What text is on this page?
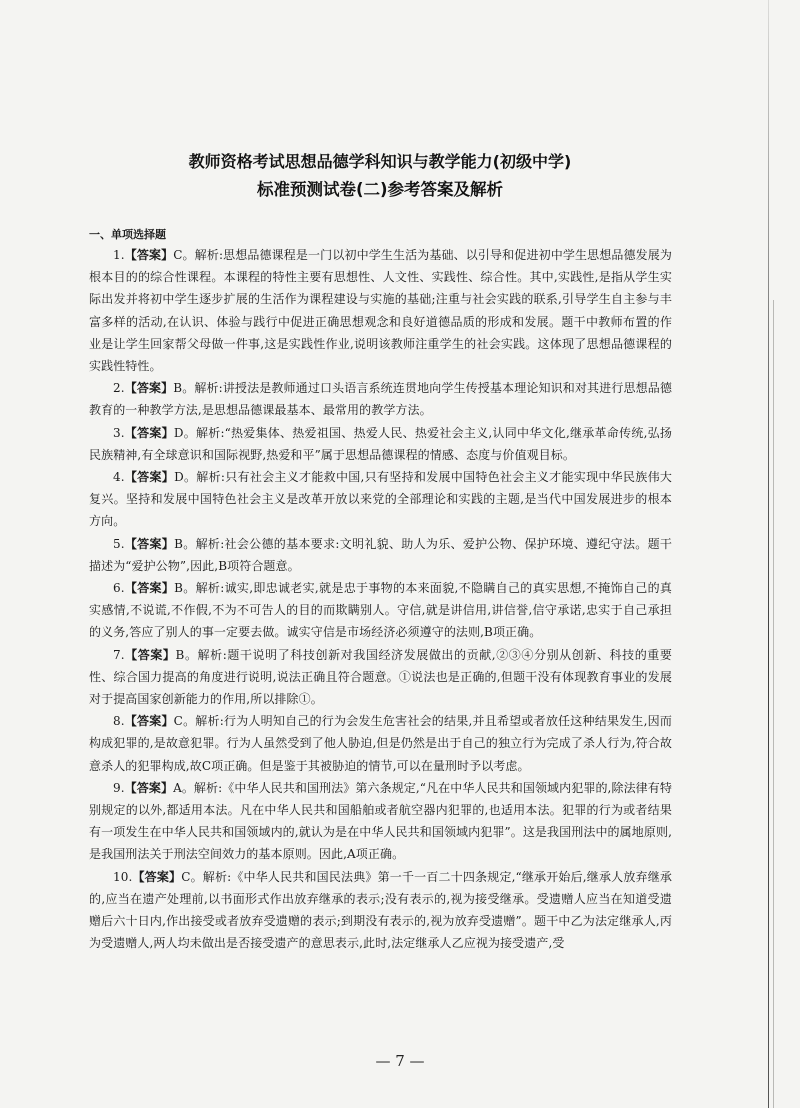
教师资格考试思想品德学科知识与教学能力(初级中学)
标准预测试卷(二)参考答案及解析
一、单项选择题

1.【答案】C。解析:思想品德课程是一门以初中学生生活为基础、以引导和促进初中学生思想品德发展为根本目的的综合性课程。本课程的特性主要有思想性、人文性、实践性、综合性。其中,实践性,是指从学生实际出发并将初中学生逐步扩展的生活作为课程建设与实施的基础;注重与社会实践的联系,引导学生自主参与丰富多样的活动,在认识、体验与践行中促进正确思想观念和良好道德品质的形成和发展。题干中教师布置的作业是让学生回家帮父母做一件事,这是实践性作业,说明该教师注重学生的社会实践。这体现了思想品德课程的实践性特性。

2.【答案】B。解析:讲授法是教师通过口头语言系统连贯地向学生传授基本理论知识和对其进行思想品德教育的一种教学方法,是思想品德课最基本、最常用的教学方法。

3.【答案】D。解析:“热爱集体、热爱祖国、热爱人民、热爱社会主义,认同中华文化,继承革命传统,弘扬民族精神,有全球意识和国际视野,热爱和平”属于思想品德课程的情感、态度与价值观目标。

4.【答案】D。解析:只有社会主义才能救中国,只有坚持和发展中国特色社会主义才能实现中华民族伟大复兴。坚持和发展中国特色社会主义是改革开放以来党的全部理论和实践的主题,是当代中国发展进步的根本方向。

5.【答案】B。解析:社会公德的基本要求:文明礼貌、助人为乐、爱护公物、保护环境、遵纪守法。题干描述为“爱护公物”,因此,B项符合题意。

6.【答案】B。解析:诚实,即忠诚老实,就是忠于事物的本来面貌,不隐瞒自己的真实思想,不掩饰自己的真实感情,不说谎,不作假,不为不可告人的目的而欺瞒别人。守信,就是讲信用,讲信誉,信守承诺,忠实于自己承担的义务,答应了别人的事一定要去做。诚实守信是市场经济必须遵守的法则,B项正确。

7.【答案】B。解析:题干说明了科技创新对我国经济发展做出的贡献,②③④分别从创新、科技的重要性、综合国力提高的角度进行说明,说法正确且符合题意。①说法也是正确的,但题干没有体现教育事业的发展对于提高国家创新能力的作用,所以排除①。

8.【答案】C。解析:行为人明知自己的行为会发生危害社会的结果,并且希望或者放任这种结果发生,因而构成犯罪的,是故意犯罪。行为人虽然受到了他人胁迫,但是仍然是出于自己的独立行为完成了杀人行为,符合故意杀人的犯罪构成,故C项正确。但是鉴于其被胁迫的情节,可以在量刑时予以考虑。

9.【答案】A。解析:《中华人民共和国刑法》第六条规定,“凡在中华人民共和国领域内犯罪的,除法律有特别规定的以外,都适用本法。凡在中华人民共和国船舶或者航空器内犯罪的,也适用本法。犯罪的行为或者结果有一项发生在中华人民共和国领域内的,就认为是在中华人民共和国领域内犯罪”。这是我国刑法中的属地原则,是我国刑法关于刑法空间效力的基本原则。因此,A项正确。

10.【答案】C。解析:《中华人民共和国民法典》第一千一百二十四条规定,“继承开始后,继承人放弃继承的,应当在遗产处理前,以书面形式作出放弃继承的表示;没有表示的,视为接受继承。受遗赠人应当在知道受遗赠后六十日内,作出接受或者放弃受遗赠的表示;到期没有表示的,视为放弃受遗赠”。题干中乙为法定继承人,丙为受遗赠人,两人均未做出是否接受遗产的意思表示,此时,法定继承人乙应视为接受遗产,受

— 7 —
